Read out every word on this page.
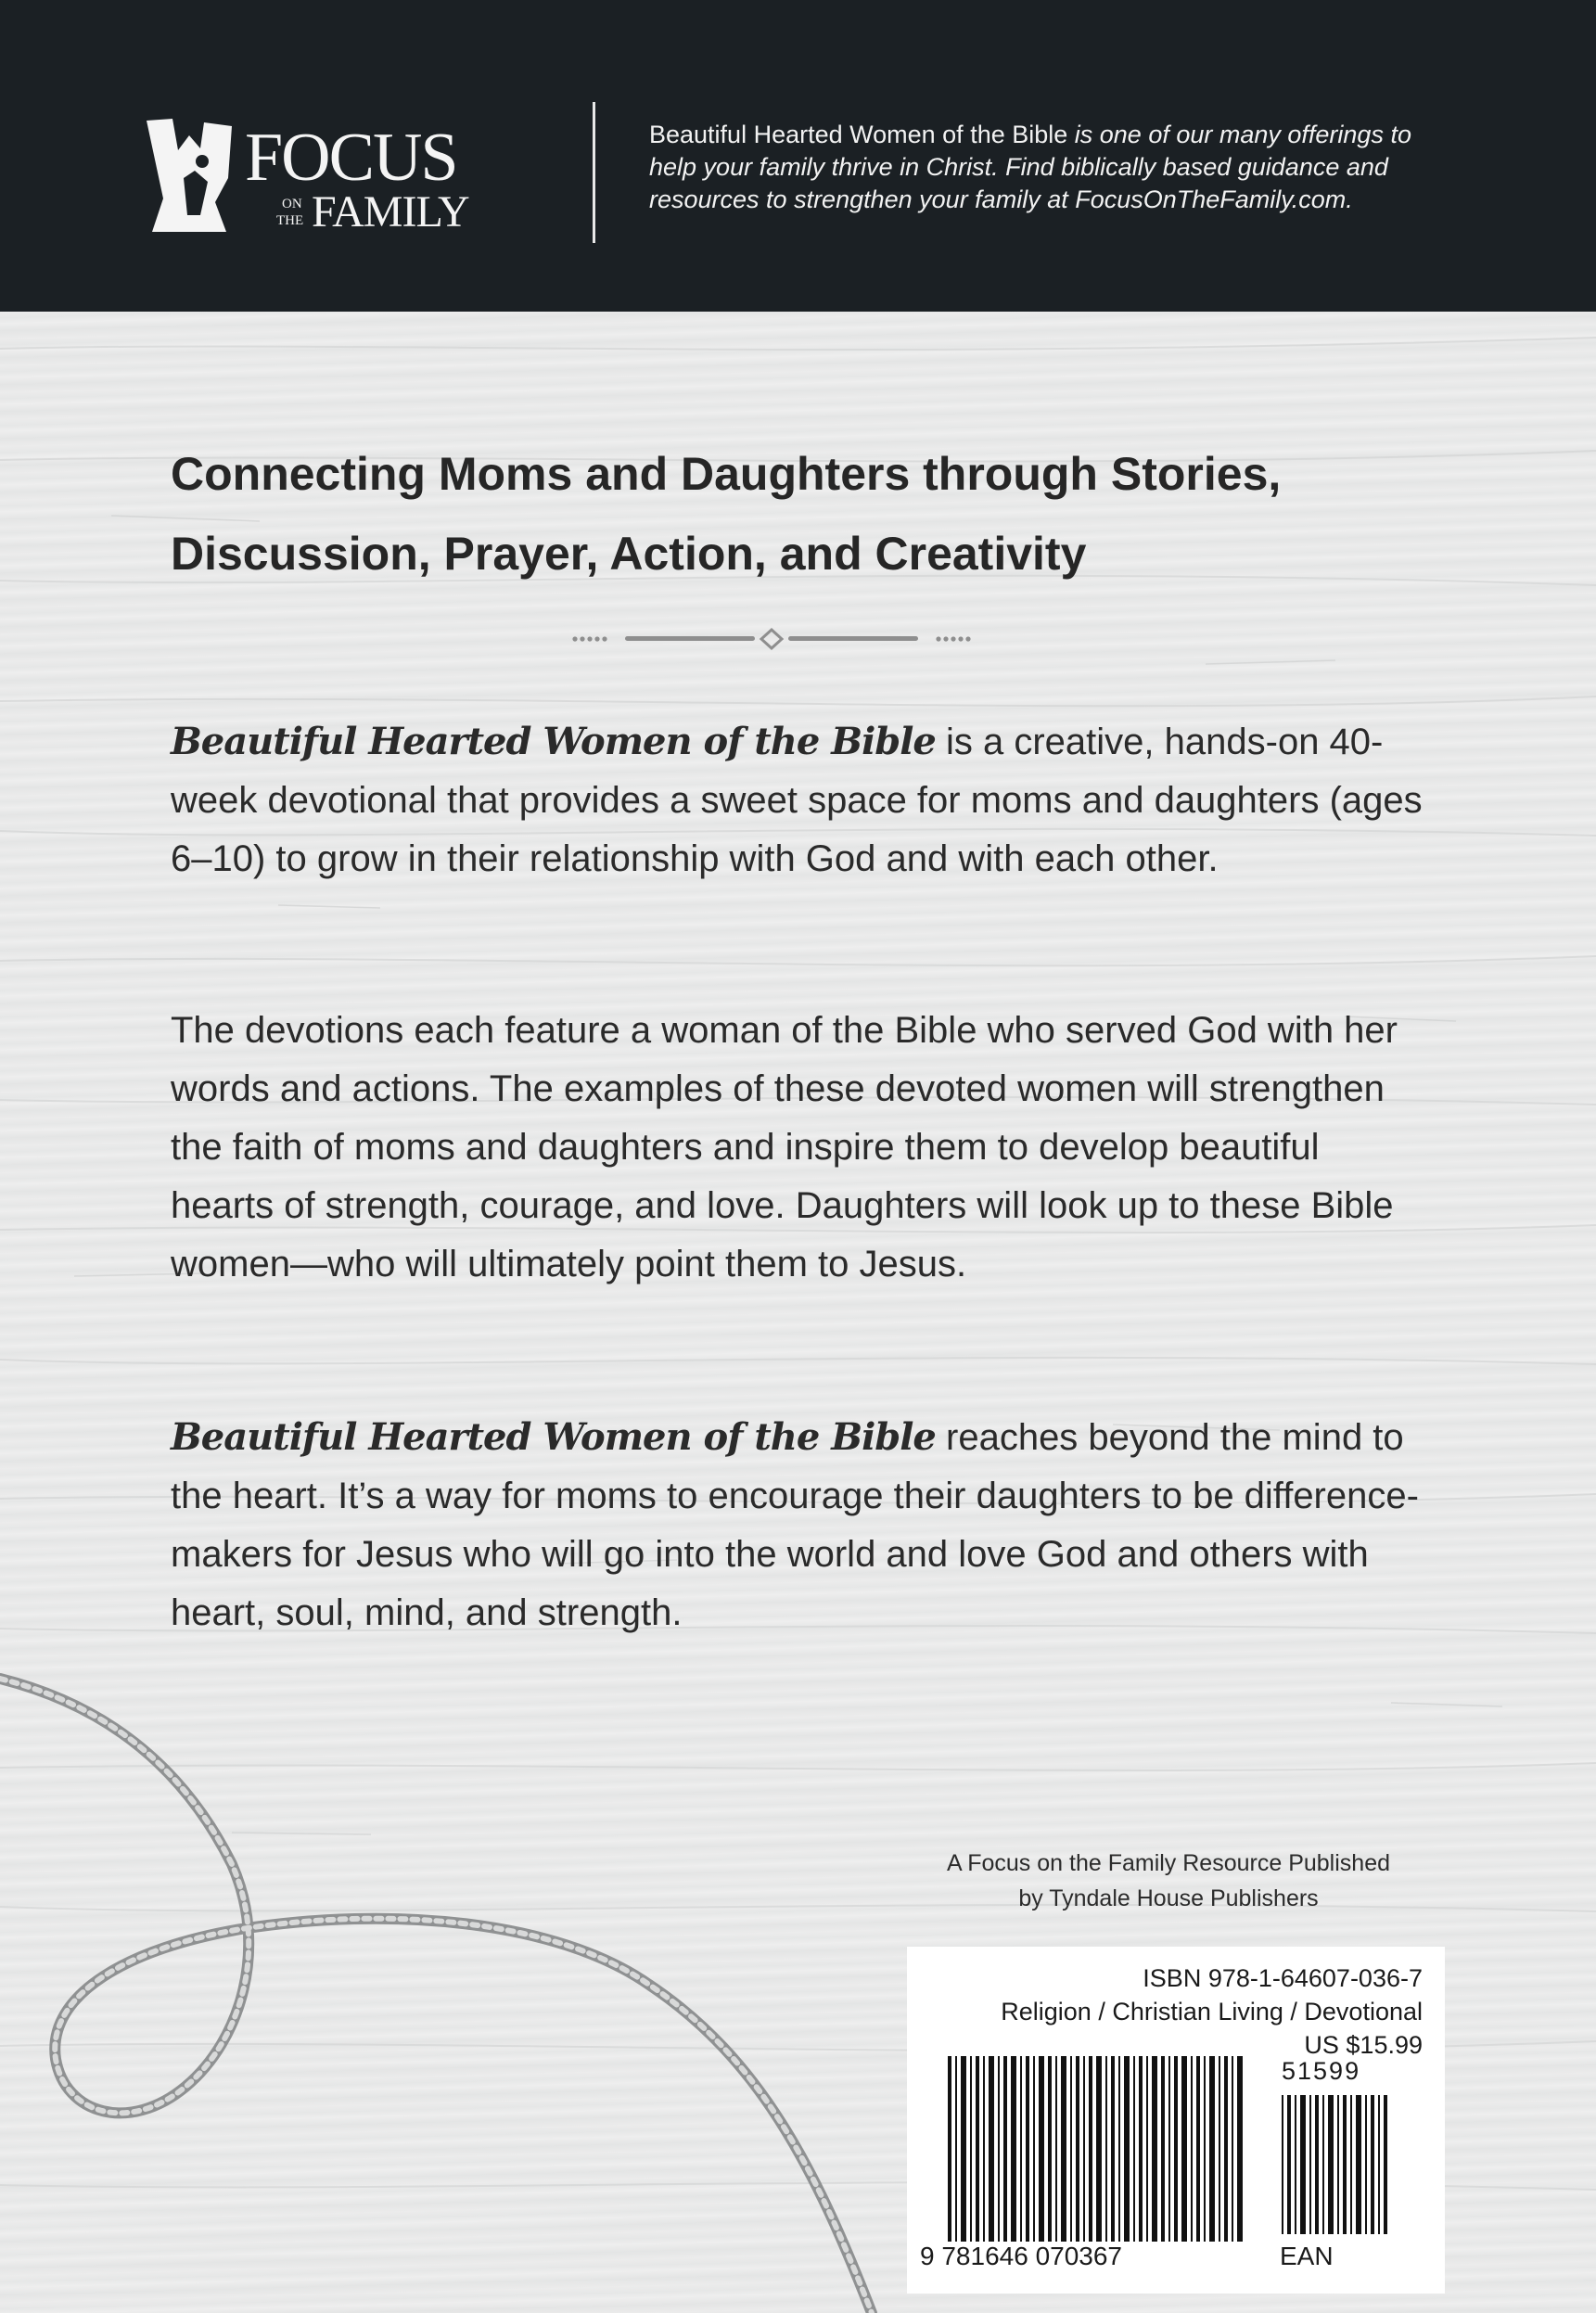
FOCUS
ON
THE FAMILY
Beautiful Hearted Women of the Bible is one of our many offerings to help your family thrive in Christ. Find biblically based guidance and resources to strengthen your family at FocusOnTheFamily.com.
Connecting Moms and Daughters through Stories,
Discussion, Prayer, Action, and Creativity
Beautiful Hearted Women of the Bible is a creative, hands-on 40-week devotional that provides a sweet space for moms and daughters (ages 6–10) to grow in their relationship with God and with each other.
The devotions each feature a woman of the Bible who served God with her words and actions. The examples of these devoted women will strengthen the faith of moms and daughters and inspire them to develop beautiful hearts of strength, courage, and love. Daughters will look up to these Bible women—who will ultimately point them to Jesus.
Beautiful Hearted Women of the Bible reaches beyond the mind to the heart. It’s a way for moms to encourage their daughters to be difference-makers for Jesus who will go into the world and love God and others with heart, soul, mind, and strength.
A Focus on the Family Resource Published
by Tyndale House Publishers
ISBN 978-1-64607-036-7
Religion / Christian Living / Devotional
US $15.99
51599
9 781646 070367	EAN
